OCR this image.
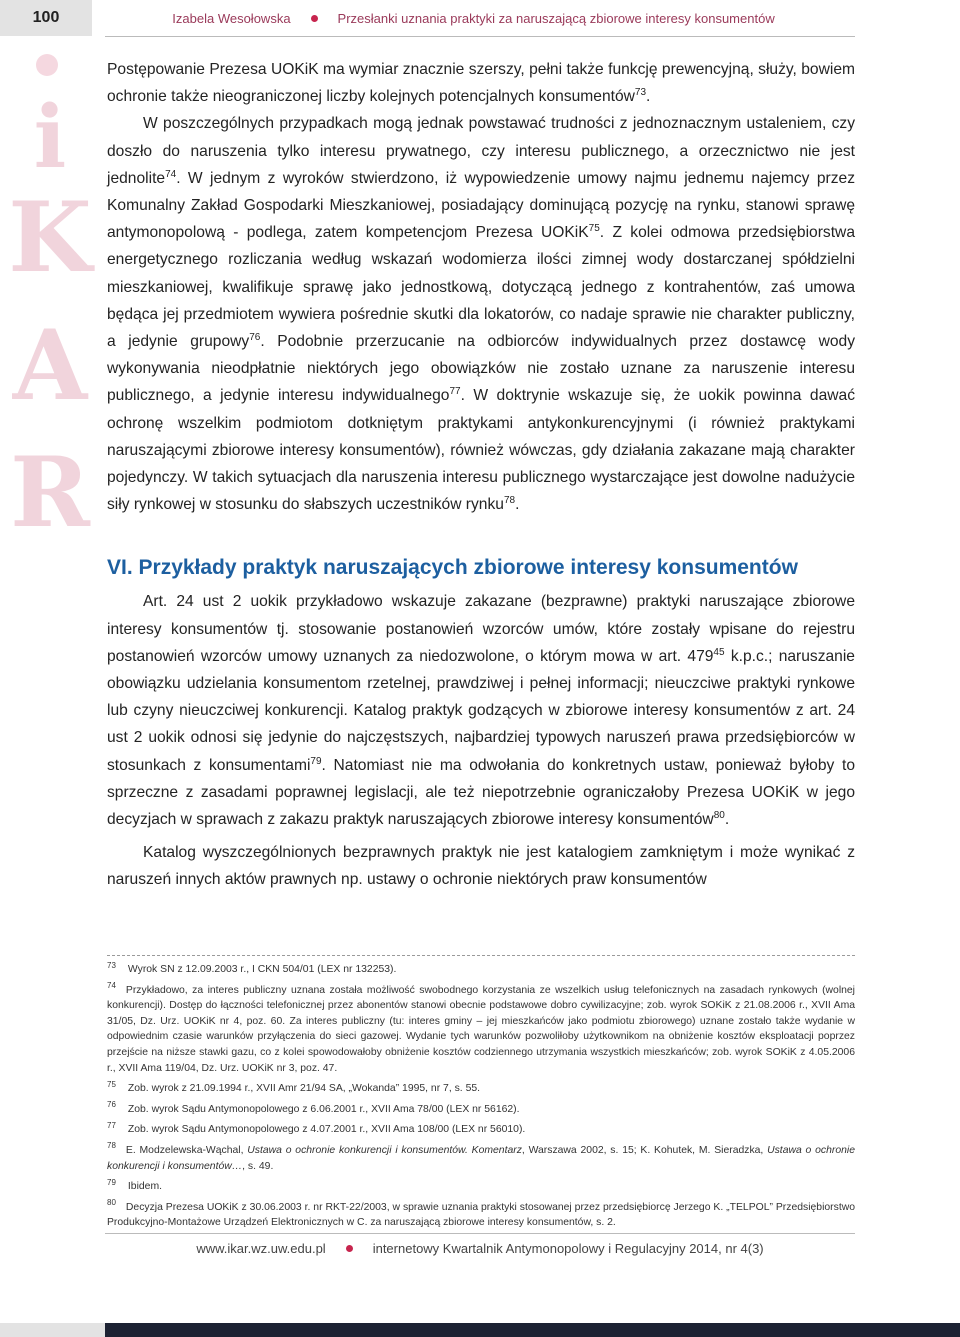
100	Izabela Wesołowska	Przesłanki uznania praktyki za naruszającą zbiorowe interesy konsumentów
i
K
A
R

Postępowanie Prezesa UOKiK ma wymiar znacznie szerszy, pełni także funkcję prewencyjną, służy, bowiem ochronie także nieograniczonej liczby kolejnych potencjalnych konsumentów$^{73}$.

W poszczególnych przypadkach mogą jednak powstawać trudności z jednoznacznym ustaleniem, czy doszło do naruszenia tylko interesu prywatnego, czy interesu publicznego, a orzecznictwo nie jest jednolite$^{74}$. W jednym z wyroków stwierdzono, iż wypowiedzenie umowy najmu jednemu najemcy przez Komunalny Zakład Gospodarki Mieszkaniowej, posiadający dominującą pozycję na rynku, stanowi sprawę antymonopolową - podlega, zatem kompetencjom Prezesa UOKiK$^{75}$. Z kolei odmowa przedsiębiorstwa energetycznego rozliczania według wskazań wodomierza ilości zimnej wody dostarczanej spółdzielni mieszkaniowej, kwalifikuje sprawę jako jednostkową, dotyczącą jednego z kontrahentów, zaś umowa będąca jej przedmiotem wywiera pośrednie skutki dla lokatorów, co nadaje sprawie nie charakter publiczny, a jedynie grupowy$^{76}$. Podobnie przerzucanie na odbiorców indywidualnych przez dostawcę wody wykonywania nieodpłatnie niektórych jego obowiązków nie zostało uznane za naruszenie interesu publicznego, a jedynie interesu indywidualnego$^{77}$. W doktrynie wskazuje się, że uokik powinna dawać ochronę wszelkim podmiotom dotkniętym praktykami antykonkurencyjnymi (i również praktykami naruszającymi zbiorowe interesy konsumentów), również wówczas, gdy działania zakazane mają charakter pojedynczy. W takich sytuacjach dla naruszenia interesu publicznego wystarczające jest dowolne nadużycie siły rynkowej w stosunku do słabszych uczestników rynku$^{78}$.

VI. Przykłady praktyk naruszających zbiorowe interesy konsumentów

Art. 24 ust 2 uokik przykładowo wskazuje zakazane (bezprawne) praktyki naruszające zbiorowe interesy konsumentów tj. stosowanie postanowień wzorców umów, które zostały wpisane do rejestru postanowień wzorców umowy uznanych za niedozwolone, o którym mowa w art. $479^{45}$ k.p.c.; naruszanie obowiązku udzielania konsumentom rzetelnej, prawdziwej i pełnej informacji; nieuczciwe praktyki rynkowe lub czyny nieuczciwej konkurencji. Katalog praktyk godzących w zbiorowe interesy konsumentów z art. 24 ust 2 uokik odnosi się jedynie do najczęstszych, najbardziej typowych naruszeń prawa przedsiębiorców w stosunkach z konsumentami$^{79}$. Natomiast nie ma odwołania do konkretnych ustaw, ponieważ byłoby to sprzeczne z zasadami poprawnej legislacji, ale też niepotrzebnie ograniczałoby Prezesa UOKiK w jego decyzjach w sprawach z zakazu praktyk naruszających zbiorowe interesy konsumentów$^{80}$.

Katalog wyszczególnionych bezprawnych praktyk nie jest katalogiem zamkniętym i może wynikać z naruszeń innych aktów prawnych np. ustawy o ochronie niektórych praw konsumentów

$^{73}$ Wyrok SN z 12.09.2003 r., I CKN 504/01 (LEX nr 132253).

$^{74}$ Przykładowo, za interes publiczny uznana została możliwość swobodnego korzystania ze wszelkich usług telefonicznych na zasadach rynkowych (wolnej konkurencji). Dostęp do łączności telefonicznej przez abonentów stanowi obecnie podstawowe dobro cywilizacyjne; zob. wyrok SOKiK z 21.08.2006 r., XVII Ama 31/05, Dz. Urz. UOKiK nr 4, poz. 60. Za interes publiczny (tu: interes gminy – jej mieszkańców jako podmiotu zbiorowego) uznane zostało także wydanie w odpowiednim czasie warunków przyłączenia do sieci gazowej. Wydanie tych warunków pozwoliłoby użytkownikom na obniżenie kosztów eksploatacji poprzez przejście na niższe stawki gazu, co z kolei spowodowałoby obniżenie kosztów codziennego utrzymania wszystkich mieszkańców; zob. wyrok SOKiK z 4.05.2006 r., XVII Ama 119/04, Dz. Urz. UOKiK nr 3, poz. 47.

$^{75}$ Zob. wyrok z 21.09.1994 r., XVII Amr 21/94 SA, „Wokanda” 1995, nr 7, s. 55.

$^{76}$ Zob. wyrok Sądu Antymonopolowego z 6.06.2001 r., XVII Ama 78/00 (LEX nr 56162).

$^{77}$ Zob. wyrok Sądu Antymonopolowego z 4.07.2001 r., XVII Ama 108/00 (LEX nr 56010).

$^{78}$ E. Modzelewska-Wąchal, Ustawa o ochronie konkurencji i konsumentów. Komentarz, Warszawa 2002, s. 15; K. Kohutek, M. Sieradzka, Ustawa o ochronie konkurencji i konsumentów…, s. 49.

$^{79}$ Ibidem.

$^{80}$ Decyzja Prezesa UOKiK z 30.06.2003 r. nr RKT-22/2003, w sprawie uznania praktyki stosowanej przez przedsiębiorcę Jerzego K. „TELPOL” Przedsiębiorstwo Produkcyjno-Montażowe Urządzeń Elektronicznych w C. za naruszającą zbiorowe interesy konsumentów, s. 2.

www.ikar.wz.uw.edu.pl	internetowy Kwartalnik Antymonopolowy i Regulacyjny 2014, nr 4(3)
